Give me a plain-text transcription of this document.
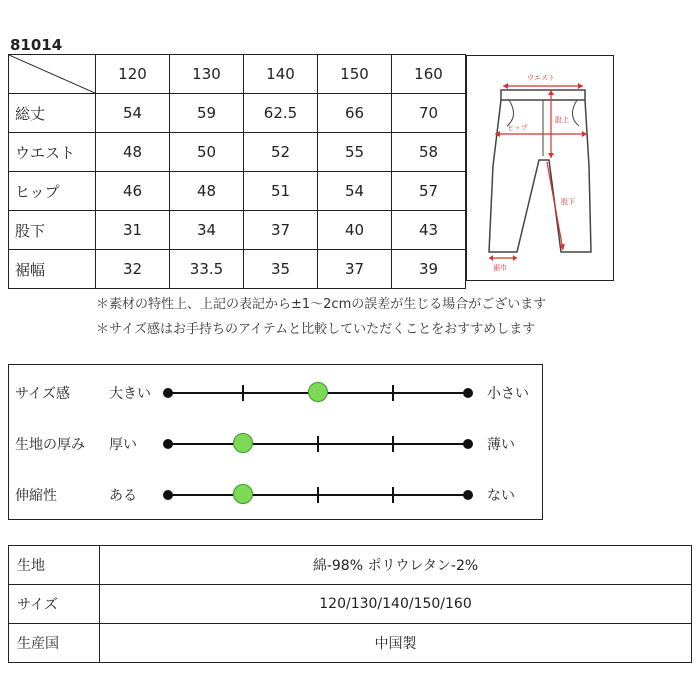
81014
	120	130	140	150	160
総丈	54	59	62.5	66	70
ウエスト	48	50	52	55	58
ヒップ	46	48	51	54	57
股下	31	34	37	40	43
裾幅	32	33.5	35	37	39
ウエスト
股上
ヒップ
股下
裾巾
＊素材の特性上、上記の表記から±1～2cmの誤差が生じる場合がございます
＊サイズ感はお手持ちのアイテムと比較していただくことをおすすめします
サイズ感	大きい	小さい
生地の厚み 厚い	薄い
伸縮性	ある	ない
生地	綿-98% ポリウレタン-2%
サイズ	120/130/140/150/160
生産国	中国製
